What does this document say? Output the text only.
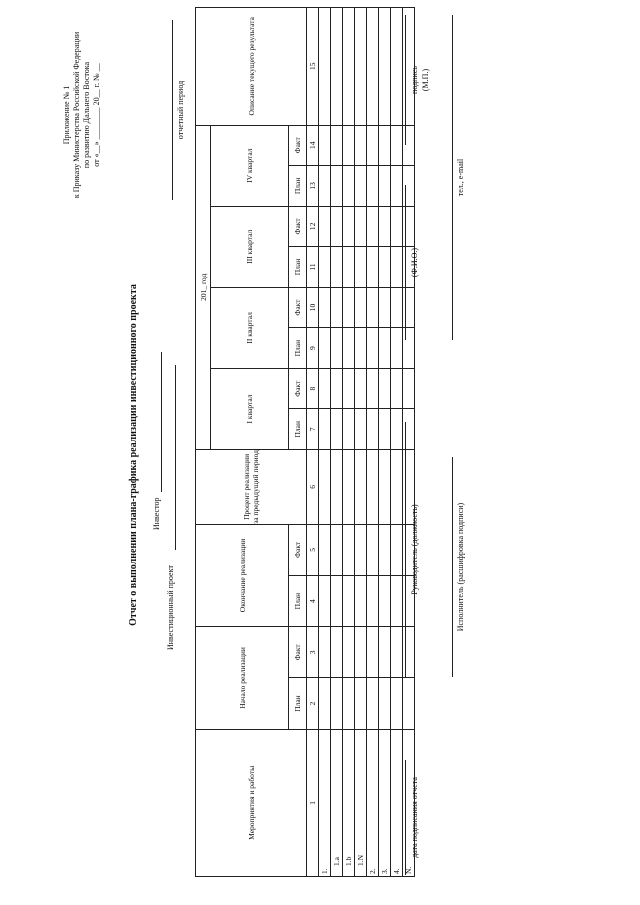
Приложение № 1 к Приказу Министерства Российской Федерации по развитию Дальнего Востока от «__» ________ 20__ г. № __
Отчет о выполнении плана-графика реализации инвестиционного проекта Инвестор
Инвестиционный проект
отчетный период
Мероприятия и работы	Начало реализации		Окончание реализации		Процент реализации за предыдущий период	201_ год								Описание текущего результата
						I квартал		II квартал		III квартал		IV квартал		
	План	Факт	План	Факт		План	Факт	План	Факт	План	Факт	План	Факт	
1	2	3	4	5	6	7	8	9	10	11	12	13	14	15
1.														
1.a														
1.b														
1.N														
2.														
3.														
4.														
N.														
дата подписания отчета
Руководитель (должность)
(Ф.И.О.)
подпись (М.П.)
Исполнитель (расшифровка подписи)
тел., e-mail
